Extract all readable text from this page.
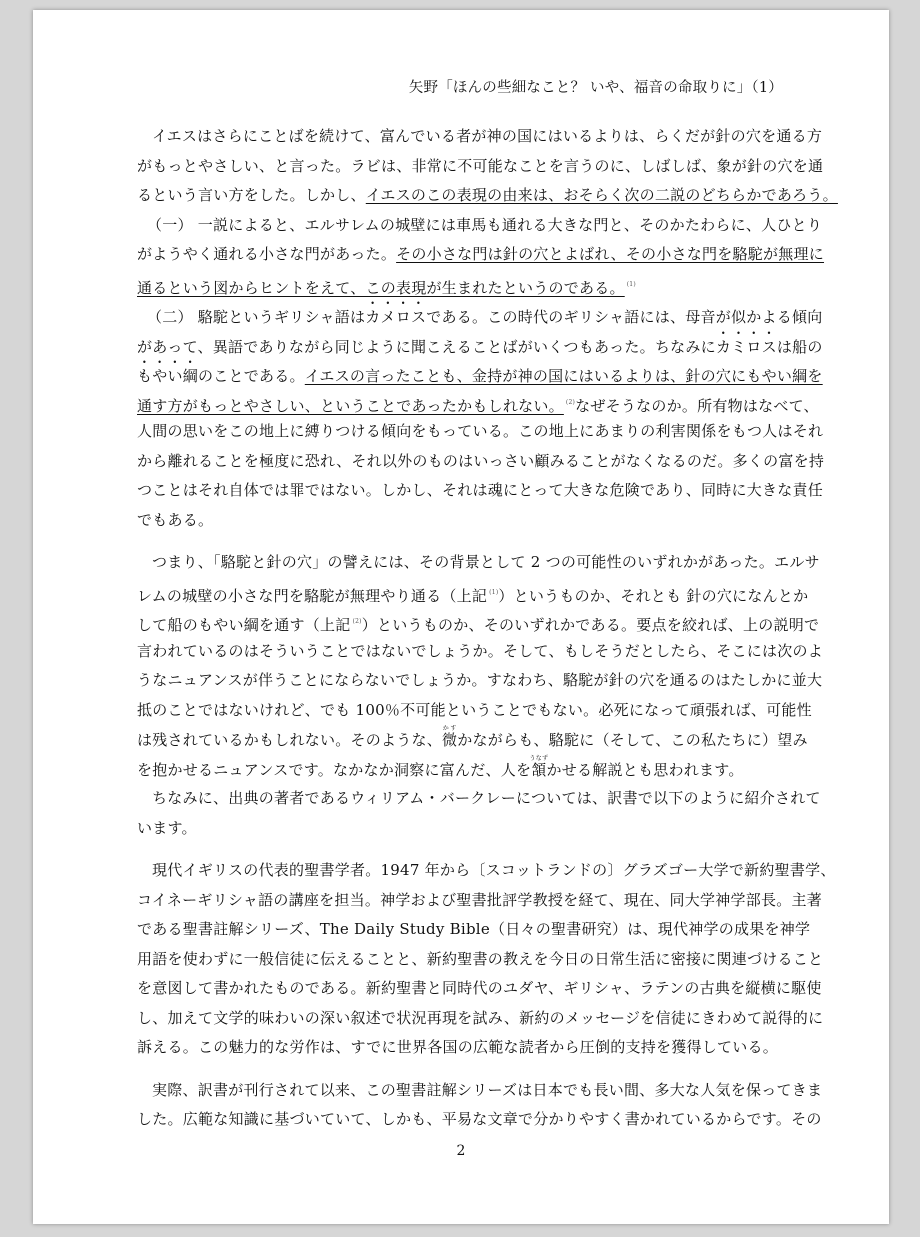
矢野「ほんの些細なこと？ いや、福音の命取りに」（1）
イエスはさらにことばを続けて、富んでいる者が神の国にはいるよりは、らくだが針の穴を通る方
がもっとやさしい、と言った。ラビは、非常に不可能なことを言うのに、しばしば、象が針の穴を通
るという言い方をした。しかし、イエスのこの表現の由来は、おそらく次の二説のどちらかであろう。
（一） 一説によると、エルサレムの城壁には車馬も通れる大きな門と、そのかたわらに、人ひとり
がようやく通れる小さな門があった。その小さな門は針の穴とよばれ、その小さな門を駱駝が無理に
通るという図からヒントをえて、この表現が生まれたというのである。 $^{(1)}$
（二） 駱駝というギリシャ語はカメロスである。この時代のギリシャ語には、母音が似かよる傾向
があって、異語でありながら同じように聞こえることばがいくつもあった。ちなみにカミロスは船の
もやい綱のことである。イエスの言ったことも、金持が神の国にはいるよりは、針の穴にもやい綱を
通す方がもっとやさしい、ということであったかもしれない。 $^{(2)}$なぜそうなのか。所有物はなべて、
人間の思いをこの地上に縛りつける傾向をもっている。この地上にあまりの利害関係をもつ人はそれ
から離れることを極度に恐れ、それ以外のものはいっさい顧みることがなくなるのだ。多くの富を持
つことはそれ自体では罪ではない。しかし、それは魂にとって大きな危険であり、同時に大きな責任
でもある。
つまり、「駱駝と針の穴」の譬えには、その背景として 2 つの可能性のいずれかがあった。エルサ
レムの城壁の小さな門を駱駝が無理やり通る（上記 $^{(1)}$）というものか、それとも 針の穴になんとか
して船のもやい綱を通す（上記 $^{(2)}$）というものか、そのいずれかである。要点を絞れば、上の説明で
言われているのはそういうことではないでしょうか。そして、もしそうだとしたら、そこには次のよ
うなニュアンスが伴うことにならないでしょうか。すなわち、駱駝が針の穴を通るのはたしかに並大
抵のことではないけれど、でも 100％不可能ということでもない。必死になって頑張れば、可能性
は残されているかもしれない。そのような、微かすかながらも、駱駝に（そして、この私たちに）望み
を抱かせるニュアンスです。なかなか洞察に富んだ、人を頷うなずかせる解説とも思われます。
ちなみに、出典の著者であるウィリアム・バークレーについては、訳書で以下のように紹介されて
います。
現代イギリスの代表的聖書学者。1947 年から〔スコットランドの〕グラズゴー大学で新約聖書学、
コイネーギリシャ語の講座を担当。神学および聖書批評学教授を経て、現在、同大学神学部長。主著
である聖書註解シリーズ、The Daily Study Bible（日々の聖書研究）は、現代神学の成果を神学
用語を使わずに一般信徒に伝えることと、新約聖書の教えを今日の日常生活に密接に関連づけること
を意図して書かれたものである。新約聖書と同時代のユダヤ、ギリシャ、ラテンの古典を縦横に駆使
し、加えて文学的味わいの深い叙述で状況再現を試み、新約のメッセージを信徒にきわめて説得的に
訴える。この魅力的な労作は、すでに世界各国の広範な読者から圧倒的支持を獲得している。
実際、訳書が刊行されて以来、この聖書註解シリーズは日本でも長い間、多大な人気を保ってきま
した。広範な知識に基づいていて、しかも、平易な文章で分かりやすく書かれているからです。その
2
